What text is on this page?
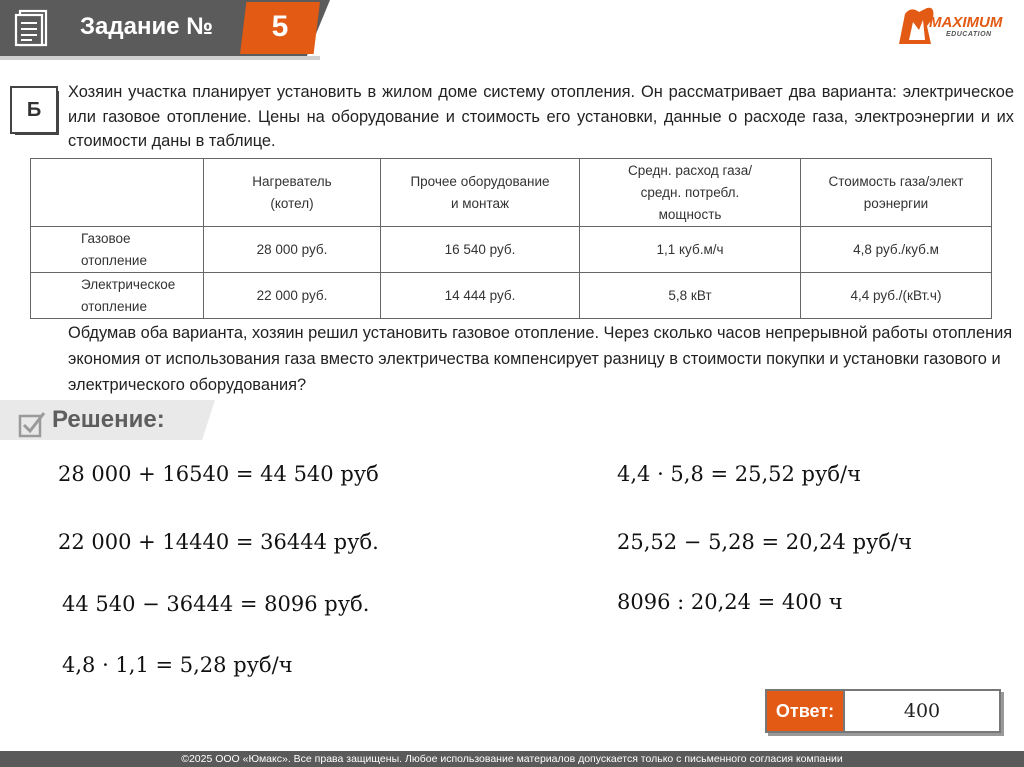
Задание №	5	MAXIMUM
EDUCATION
Б
Хозяин участка планирует установить в жилом доме систему отопления. Он рассматривает два варианта: электрическое или газовое отопление. Цены на оборудование и стоимость его установки, данные о расходе газа, электроэнергии и их стоимости даны в таблице.

	Нагреватель (котел)	Прочее оборудование и монтаж	Средн. расход газа/средн. потребл. мощность	Стоимость газа/электроэнергии

Газовое отопление	28 000 руб.	16 540 руб.	1,1 куб.м/ч	4,8 руб./куб.м

Электрическое отопление	22 000 руб.	14 444 руб.	5,8 кВт	4,4 руб./(кВт.ч)
Обдумав оба варианта, хозяин решил установить газовое отопление. Через сколько часов непрерывной работы отопления экономия от использования газа вместо электричества компенсирует разницу в стоимости покупки и установки газового и электрического оборудования?
Решение:
28 000 + 16540 = 44 540 руб
22 000 + 14440 = 36444 руб.
44 540 − 36444 = 8096 руб.
4,8 · 1,1 = 5,28 руб/ч
4,4 · 5,8 = 25,52 руб/ч
25,52 − 5,28 = 20,24 руб/ч
8096 : 20,24 = 400 ч
Ответ:	400
©2025 ООО «Юмакс». Все права защищены. Любое использование материалов допускается только с письменного согласия компании
